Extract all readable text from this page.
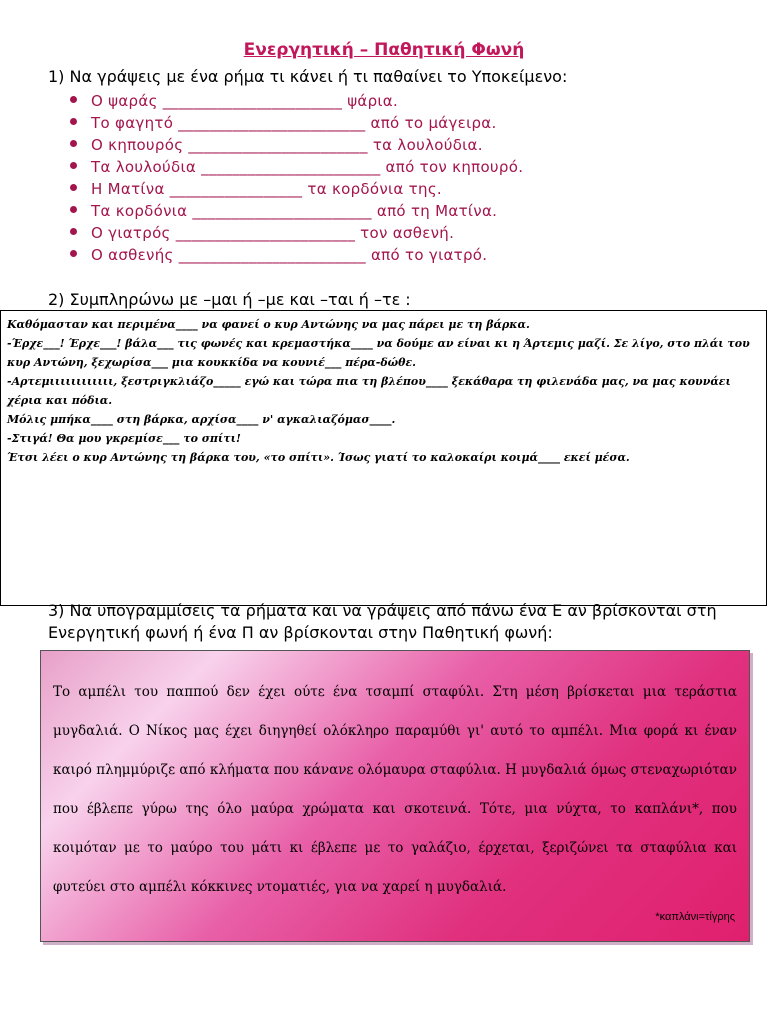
Ενεργητική – Παθητική Φωνή
1) Να γράψεις με ένα ρήμα τι κάνει ή τι παθαίνει το Υποκείμενο:
Ο ψαράς _______________________ ψάρια.
Το φαγητό ________________________ από το μάγειρα.
Ο κηπουρός _______________________ τα λουλούδια.
Τα λουλούδια _______________________ από τον κηπουρό.
Η Ματίνα _________________ τα κορδόνια της.
Τα κορδόνια _______________________ από τη Ματίνα.
Ο γιατρός _______________________ τον ασθενή.
Ο ασθενής ________________________ από το γιατρό.
2) Συμπληρώνω με –μαι ή –με και –ται ή –τε :

Καθόμασταν και περιμένα____ να φανεί ο κυρ Αντώνης να μας πάρει με τη βάρκα.

-Έρχε___! Έρχε___! βάλα___ τις φωνές και κρεμαστήκα____ να δούμε αν είναι κι η Άρτεμις μαζί. Σε λίγο, στο πλάι του κυρ Αντώνη, ξεχωρίσα___ μια κουκκίδα να κουνιέ___ πέρα-δώθε.

-Αρτεμιιιιιιιιιιιι, ξεστριγκλιάζο_____ εγώ και τώρα πια τη βλέπου____ ξεκάθαρα τη φιλενάδα μας, να μας κουνάει χέρια και πόδια.

Μόλις μπήκα____ στη βάρκα, αρχίσα____ ν' αγκαλιαζόμασ____.

-Στιγά! Θα μου γκρεμίσε___ το σπίτι!

Έτσι λέει ο κυρ Αντώνης τη βάρκα του, «το σπίτι». Ίσως γιατί το καλοκαίρι κοιμά____ εκεί μέσα.

3) Να υπογραμμίσεις τα ρήματα και να γράψεις από πάνω ένα Ε αν βρίσκονται στη Ενεργητική φωνή ή ένα Π αν βρίσκονται στην Παθητική φωνή:

Το αμπέλι του παππού δεν έχει ούτε ένα τσαμπί σταφύλι. Στη μέση βρίσκεται μια τεράστια μυγδαλιά. Ο Νίκος μας έχει διηγηθεί ολόκληρο παραμύθι γι' αυτό το αμπέλι. Μια φορά κι έναν καιρό πλημμύριζε από κλήματα που κάνανε ολόμαυρα σταφύλια. Η μυγδαλιά όμως στεναχωριόταν που έβλεπε γύρω της όλο μαύρα χρώματα και σκοτεινά. Τότε, μια νύχτα, το καπλάνι*, που κοιμόταν με το μαύρο του μάτι κι έβλεπε με το γαλάζιο, έρχεται, ξεριζώνει τα σταφύλια και φυτεύει στο αμπέλι κόκκινες ντοματιές, για να χαρεί η μυγδαλιά.

*καπλάνι=τίγρης
